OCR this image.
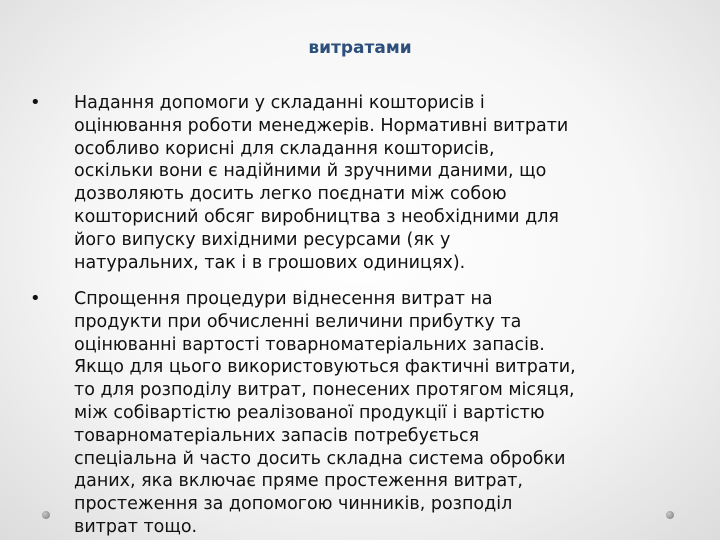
витратами
• Надання допомоги у складанні кошторисів і
оцінювання роботи менеджерів. Нормативні витрати
особливо корисні для складання кошторисів,
оскільки вони є надійними й зручними даними, що
дозволяють досить легко поєднати між собою
кошторисний обсяг виробництва з необхідними для
його випуску вихідними ресурсами (як у
натуральних, так і в грошових одиницях).
• Спрощення процедури віднесення витрат на
продукти при обчисленні величини прибутку та
оцінюванні вартості товарноматеріальних запасів.
Якщо для цього використовуються фактичні витрати,
то для розподілу витрат, понесених протягом місяця,
між собівартістю реалізованої продукції і вартістю
товарноматеріальних запасів потребується
спеціальна й часто досить складна система обробки
даних, яка включає пряме простеження витрат,
простеження за допомогою чинників, розподіл
витрат тощо.
